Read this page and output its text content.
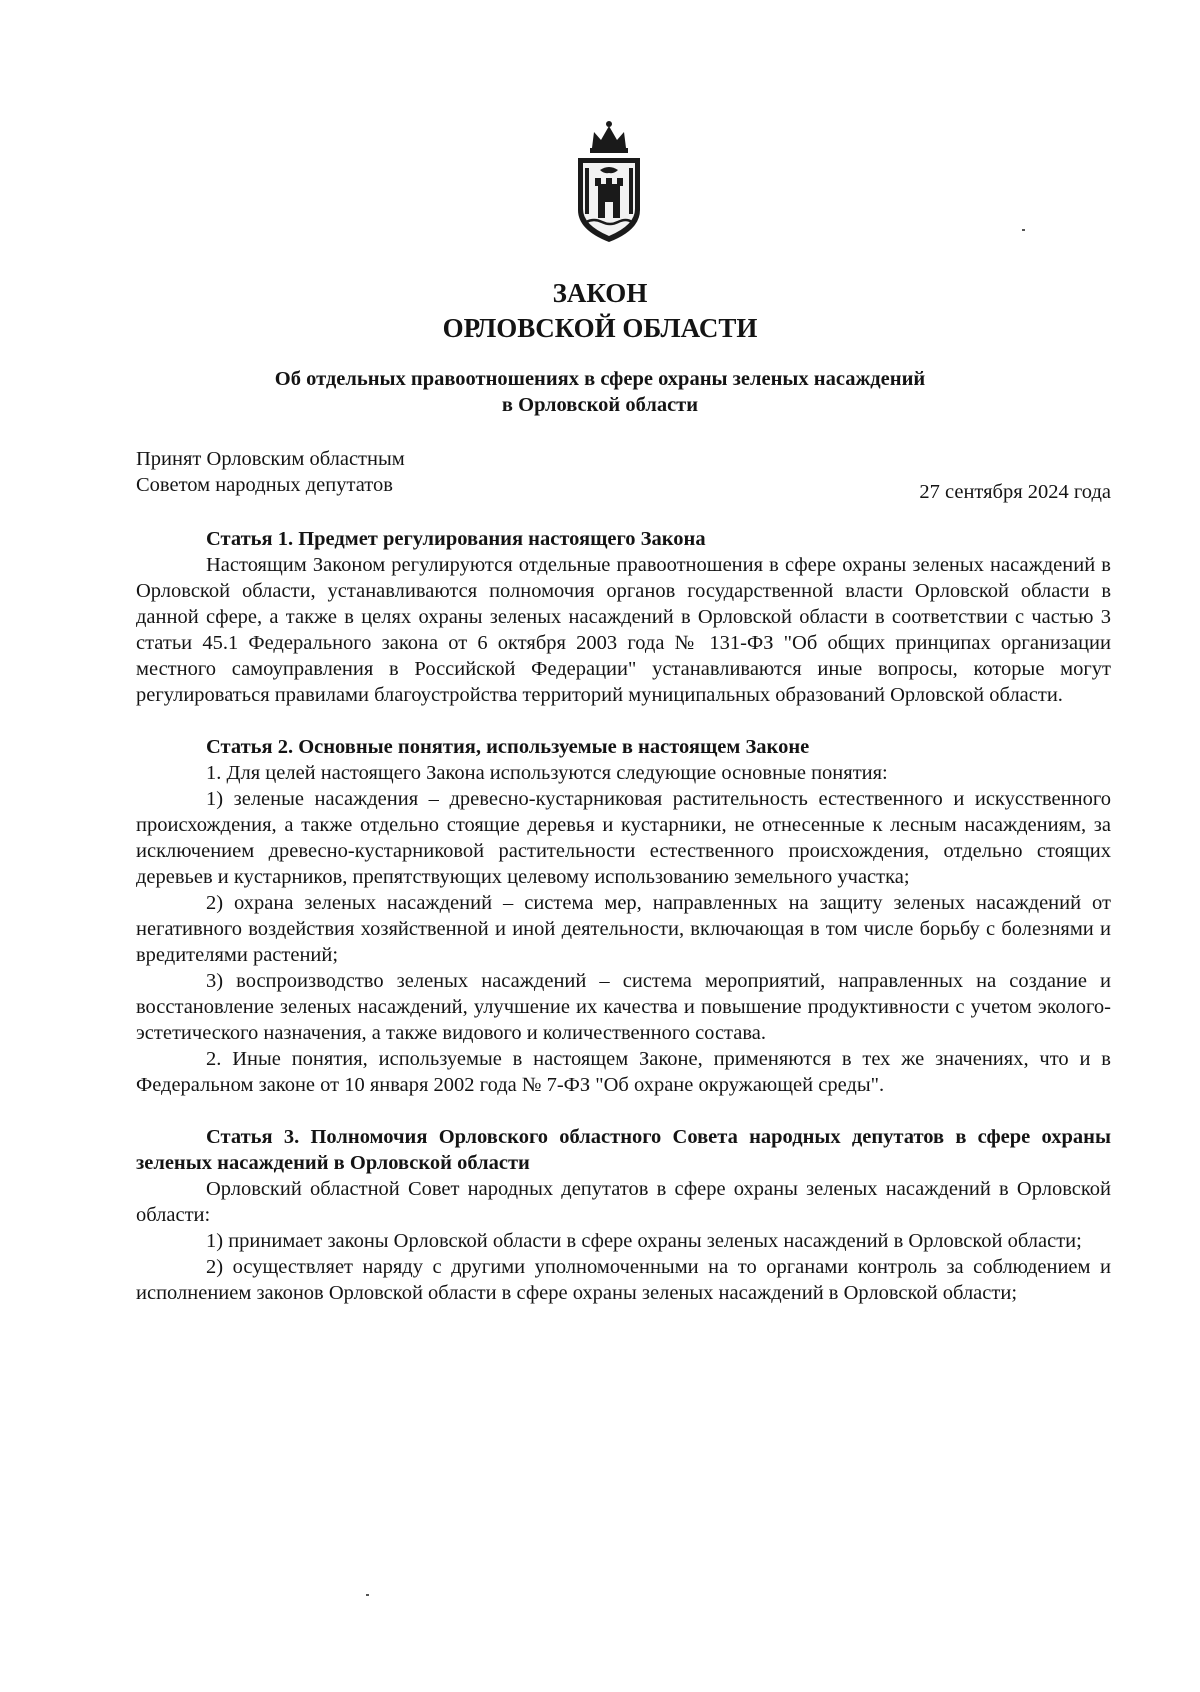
ЗАКОН
ОРЛОВСКОЙ ОБЛАСТИ
Об отдельных правоотношениях в сфере охраны зеленых насаждений
в Орловской области
Принят Орловским областным
Советом народных депутатов	27 сентября 2024 года
Статья 1. Предмет регулирования настоящего Закона

Настоящим Законом регулируются отдельные правоотношения в сфере охраны зеленых насаждений в Орловской области, устанавливаются полномочия органов государственной власти Орловской области в данной сфере, а также в целях охраны зеленых насаждений в Орловской области в соответствии с частью 3 статьи 45.1 Федерального закона от 6 октября 2003 года № 131-ФЗ "Об общих принципах организации местного самоуправления в Российской Федерации" устанавливаются иные вопросы, которые могут регулироваться правилами благоустройства территорий муниципальных образований Орловской области.

Статья 2. Основные понятия, используемые в настоящем Законе

1. Для целей настоящего Закона используются следующие основные понятия:

1) зеленые насаждения – древесно-кустарниковая растительность естественного и искусственного происхождения, а также отдельно стоящие деревья и кустарники, не отнесенные к лесным насаждениям, за исключением древесно-кустарниковой растительности естественного происхождения, отдельно стоящих деревьев и кустарников, препятствующих целевому использованию земельного участка;

2) охрана зеленых насаждений – система мер, направленных на защиту зеленых насаждений от негативного воздействия хозяйственной и иной деятельности, включающая в том числе борьбу с болезнями и вредителями растений;

3) воспроизводство зеленых насаждений – система мероприятий, направленных на создание и восстановление зеленых насаждений, улучшение их качества и повышение продуктивности с учетом эколого-эстетического назначения, а также видового и количественного состава.

2. Иные понятия, используемые в настоящем Законе, применяются в тех же значениях, что и в Федеральном законе от 10 января 2002 года № 7-ФЗ "Об охране окружающей среды".

Статья 3. Полномочия Орловского областного Совета народных депутатов в сфере охраны зеленых насаждений в Орловской области

Орловский областной Совет народных депутатов в сфере охраны зеленых насаждений в Орловской области:

1) принимает законы Орловской области в сфере охраны зеленых насаждений в Орловской области;

2) осуществляет наряду с другими уполномоченными на то органами контроль за соблюдением и исполнением законов Орловской области в сфере охраны зеленых насаждений в Орловской области;
